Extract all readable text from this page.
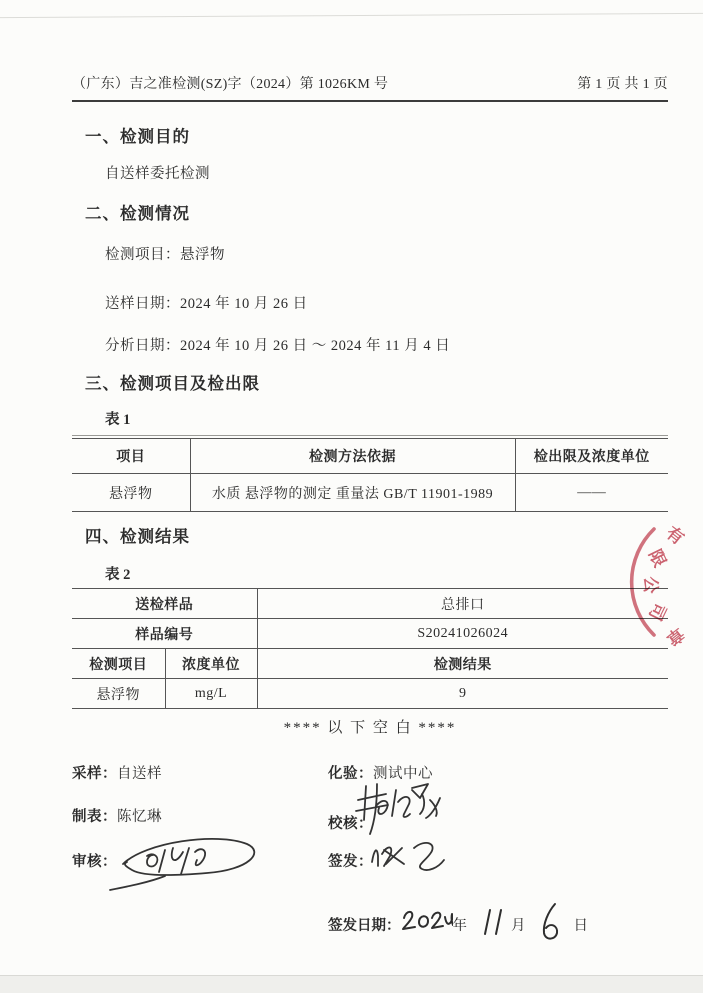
（广东）吉之准检测(SZ)字（2024）第 1026KM 号	第 1 页 共 1 页
一、检测目的
自送样委托检测
二、检测情况
检测项目：悬浮物
送样日期：2024 年 10 月 26 日
分析日期：2024 年 10 月 26 日 ～ 2024 年 11 月 4 日
三、检测项目及检出限
表 1
项目	检测方法依据	检出限及浓度单位
悬浮物	水质 悬浮物的测定 重量法 GB/T 11901-1989	——
四、检测结果
表 2
送检样品		总排口
样品编号		S20241026024
检测项目	浓度单位	检测结果
悬浮物	mg/L	9
**** 以 下 空 白 ****
采样：自送样	化验：测试中心
制表：陈忆琳	校核：
审核：	签发：
签发日期：	年	月	日
有
限
公
司
章
